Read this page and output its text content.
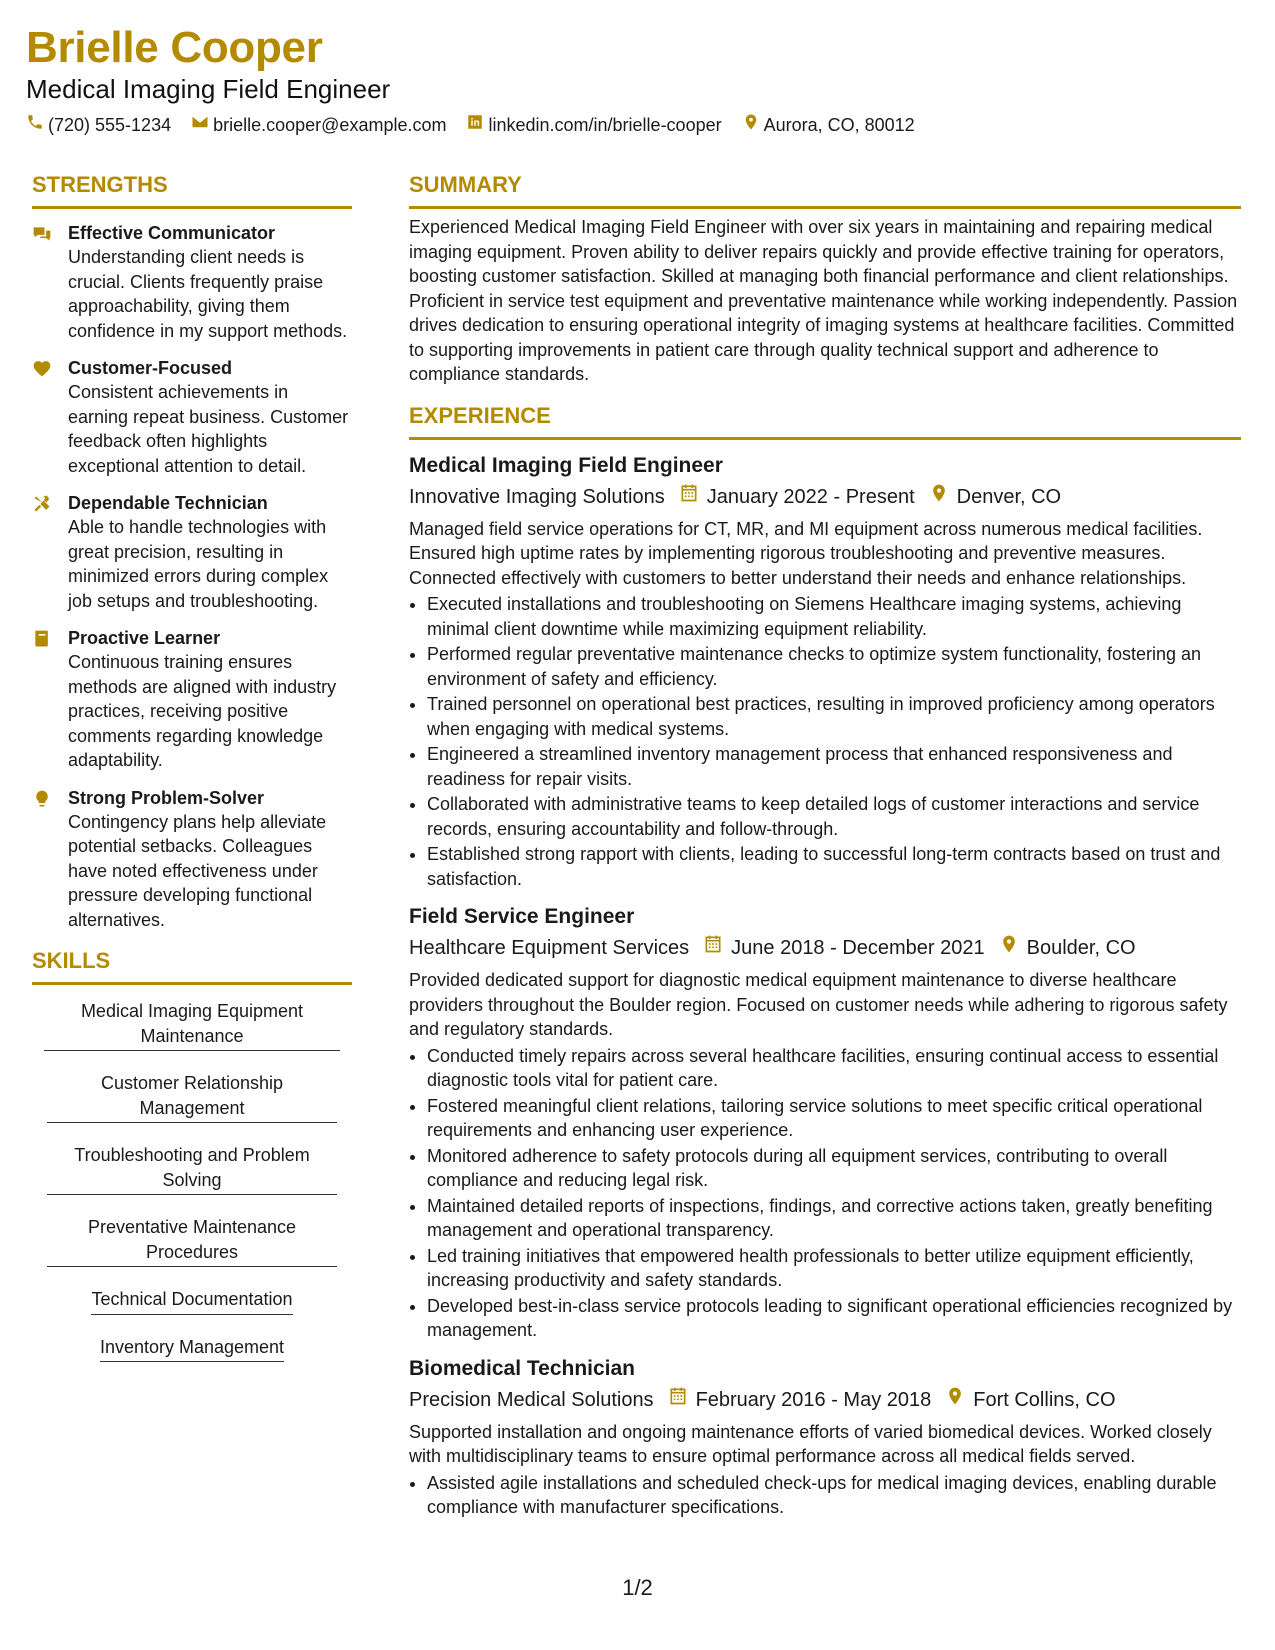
Brielle Cooper
Medical Imaging Field Engineer
(720) 555-1234 brielle.cooper@example.com linkedin.com/in/brielle-cooper Aurora, CO, 80012
STRENGTHS
Effective Communicator
Understanding client needs is crucial. Clients frequently praise approachability, giving them confidence in my support methods.
Customer-Focused
Consistent achievements in earning repeat business. Customer feedback often highlights exceptional attention to detail.
Dependable Technician
Able to handle technologies with great precision, resulting in minimized errors during complex job setups and troubleshooting.
Proactive Learner
Continuous training ensures methods are aligned with industry practices, receiving positive comments regarding knowledge adaptability.
Strong Problem-Solver
Contingency plans help alleviate potential setbacks. Colleagues have noted effectiveness under pressure developing functional alternatives.
SKILLS
Medical Imaging Equipment Maintenance
Customer Relationship Management
Troubleshooting and Problem Solving
Preventative Maintenance Procedures
Technical Documentation
Inventory Management
SUMMARY
Experienced Medical Imaging Field Engineer with over six years in maintaining and repairing medical imaging equipment. Proven ability to deliver repairs quickly and provide effective training for operators, boosting customer satisfaction. Skilled at managing both financial performance and client relationships. Proficient in service test equipment and preventative maintenance while working independently. Passion drives dedication to ensuring operational integrity of imaging systems at healthcare facilities. Committed to supporting improvements in patient care through quality technical support and adherence to compliance standards.
EXPERIENCE
Medical Imaging Field Engineer
Innovative Imaging Solutions January 2022 - Present Denver, CO
Managed field service operations for CT, MR, and MI equipment across numerous medical facilities. Ensured high uptime rates by implementing rigorous troubleshooting and preventive measures. Connected effectively with customers to better understand their needs and enhance relationships.
• Executed installations and troubleshooting on Siemens Healthcare imaging systems, achieving minimal client downtime while maximizing equipment reliability.
• Performed regular preventative maintenance checks to optimize system functionality, fostering an environment of safety and efficiency.
• Trained personnel on operational best practices, resulting in improved proficiency among operators when engaging with medical systems.
• Engineered a streamlined inventory management process that enhanced responsiveness and readiness for repair visits.
• Collaborated with administrative teams to keep detailed logs of customer interactions and service records, ensuring accountability and follow-through.
• Established strong rapport with clients, leading to successful long-term contracts based on trust and satisfaction.
Field Service Engineer
Healthcare Equipment Services June 2018 - December 2021 Boulder, CO
Provided dedicated support for diagnostic medical equipment maintenance to diverse healthcare providers throughout the Boulder region. Focused on customer needs while adhering to rigorous safety and regulatory standards.
• Conducted timely repairs across several healthcare facilities, ensuring continual access to essential diagnostic tools vital for patient care.
• Fostered meaningful client relations, tailoring service solutions to meet specific critical operational requirements and enhancing user experience.
• Monitored adherence to safety protocols during all equipment services, contributing to overall compliance and reducing legal risk.
• Maintained detailed reports of inspections, findings, and corrective actions taken, greatly benefiting management and operational transparency.
• Led training initiatives that empowered health professionals to better utilize equipment efficiently, increasing productivity and safety standards.
• Developed best-in-class service protocols leading to significant operational efficiencies recognized by management.
Biomedical Technician
Precision Medical Solutions February 2016 - May 2018 Fort Collins, CO
Supported installation and ongoing maintenance efforts of varied biomedical devices. Worked closely with multidisciplinary teams to ensure optimal performance across all medical fields served.
• Assisted agile installations and scheduled check-ups for medical imaging devices, enabling durable compliance with manufacturer specifications.
1/2
